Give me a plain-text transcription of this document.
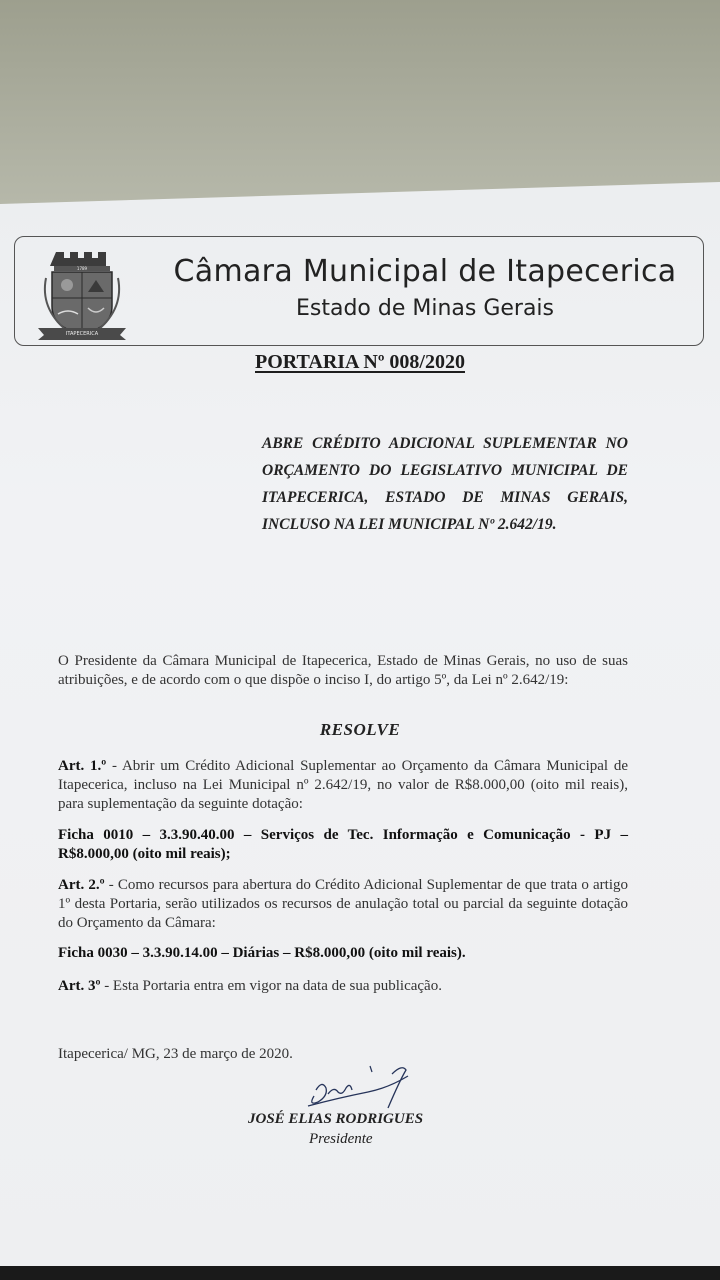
1789
ITAPECERICA
Câmara Municipal de Itapecerica
Estado de Minas Gerais
PORTARIA Nº 008/2020
ABRE CRÉDITO ADICIONAL SUPLEMENTAR NO ORÇAMENTO DO LEGISLATIVO MUNICIPAL DE ITAPECERICA, ESTADO DE MINAS GERAIS, INCLUSO NA LEI MUNICIPAL Nº 2.642/19.
O Presidente da Câmara Municipal de Itapecerica, Estado de Minas Gerais, no uso de suas atribuições, e de acordo com o que dispõe o inciso I, do artigo 5º, da Lei nº 2.642/19:
RESOLVE
Art. 1.º - Abrir um Crédito Adicional Suplementar ao Orçamento da Câmara Municipal de Itapecerica, incluso na Lei Municipal nº 2.642/19, no valor de R$8.000,00 (oito mil reais), para suplementação da seguinte dotação:
Ficha 0010 – 3.3.90.40.00 – Serviços de Tec. Informação e Comunicação - PJ – R$8.000,00 (oito mil reais);
Art. 2.º - Como recursos para abertura do Crédito Adicional Suplementar de que trata o artigo 1º desta Portaria, serão utilizados os recursos de anulação total ou parcial da seguinte dotação do Orçamento da Câmara:
Ficha 0030 – 3.3.90.14.00 – Diárias – R$8.000,00 (oito mil reais).
Art. 3º - Esta Portaria entra em vigor na data de sua publicação.
Itapecerica/ MG, 23 de março de 2020.
JOSÉ ELIAS RODRIGUES
Presidente
